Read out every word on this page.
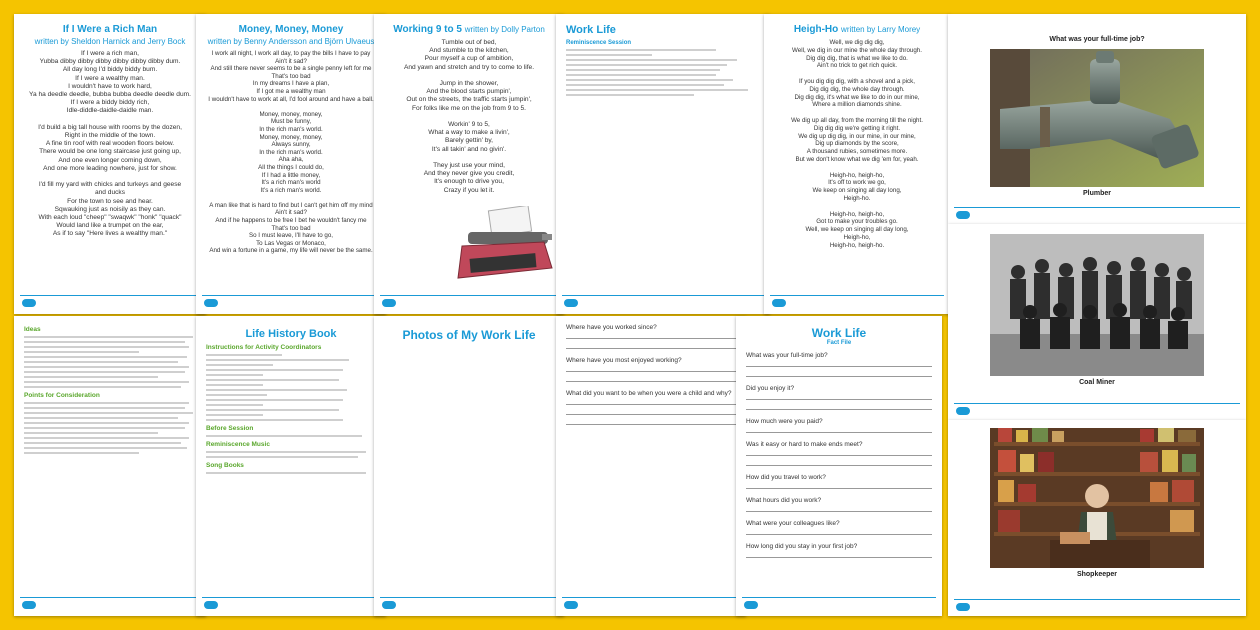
If I Were a Rich Man
written by Sheldon Harnick and Jerry Bock
If I were a rich man,
Yubba dibby dibby dibby dibby dibby dibby dum.
All day long I'd biddy biddy bum.
If I were a wealthy man.
I wouldn't have to work hard,
Ya ha deedle deedle, bubba bubba deedle deedle dum.
If I were a biddy biddy rich,
Idle-diddle-daidle-daidle man.

I'd build a big tall house with rooms by the dozen,
Right in the middle of the town.
A fine tin roof with real wooden floors below.
There would be one long staircase just going up,
And one even longer coming down,
And one more leading nowhere, just for show.

I'd fill my yard with chicks and turkeys and geese
and ducks
For the town to see and hear.
Sqwauking just as noisily as they can.
With each loud "cheep" "swaqwk" "honk" "quack"
Would land like a trumpet on the ear,
As if to say "Here lives a wealthy man."
Money, Money, Money
written by Benny Andersson and Björn Ulvaeus
I work all night, I work all day, to pay the bills I have to pay
Ain't it sad?
And still there never seems to be a single penny left for me
That's too bad
In my dreams I have a plan,
If I got me a wealthy man
I wouldn't have to work at all, I'd fool around and have a ball.

Money, money, money,
Must be funny,
In the rich man's world.
Money, money, money,
Always sunny,
In the rich man's world.
Aha aha,
All the things I could do,
If I had a little money,
It's a rich man's world
It's a rich man's world.

A man like that is hard to find but I can't get him off my mind
Ain't it sad?
And if he happens to be free I bet he wouldn't fancy me
That's too bad
So I must leave, I'll have to go,
To Las Vegas or Monaco,
And win a fortune in a game, my life will never be the same.
Working 9 to 5 written by Dolly Parton
Tumble out of bed,
And stumble to the kitchen,
Pour myself a cup of ambition,
And yawn and stretch and try to come to life.

Jump in the shower,
And the blood starts pumpin',
Out on the streets, the traffic starts jumpin',
For folks like me on the job from 9 to 5.

Workin' 9 to 5,
What a way to make a livin',
Barely gettin' by,
It's all takin' and no givin'.

They just use your mind,
And they never give you credit,
It's enough to drive you,
Crazy if you let it.
Work Life
Reminiscence Session
Heigh-Ho written by Larry Morey
Well, we dig dig dig,
Well, we dig in our mine the whole day through.
Dig dig dig, that is what we like to do.
Ain't no trick to get rich quick.

If you dig dig dig, with a shovel and a pick,
Dig dig dig, the whole day through.
Dig dig dig, it's what we like to do in our mine,
Where a million diamonds shine.

We dig up all day, from the morning till the night.
Dig dig dig we're getting it right.
We dig up dig dig, in our mine, in our mine,
Dig up diamonds by the score,
A thousand rubies, sometimes more.
But we don't know what we dig 'em for, yeah.

Heigh-ho, heigh-ho,
It's off to work we go,
We keep on singing all day long,
Heigh-ho.

Heigh-ho, heigh-ho,
Got to make your troubles go.
Well, we keep on singing all day long,
Heigh-ho,
Heigh-ho, heigh-ho.
Ideas
Points for Consideration
Life History Book
Instructions for Activity Coordinators
Before Session
Reminiscence Music
Song Books
Photos of My Work Life
Where have you worked since?
Where have you most enjoyed working?
What did you want to be when you were a child and why?
Work Life
Fact File
What was your full-time job?
Did you enjoy it?
How much were you paid?
Was it easy or hard to make ends meet?
How did you travel to work?
What hours did you work?
What were your colleagues like?
How long did you stay in your first job?
What was your full-time job?
Plumber
Coal Miner
Shopkeeper
